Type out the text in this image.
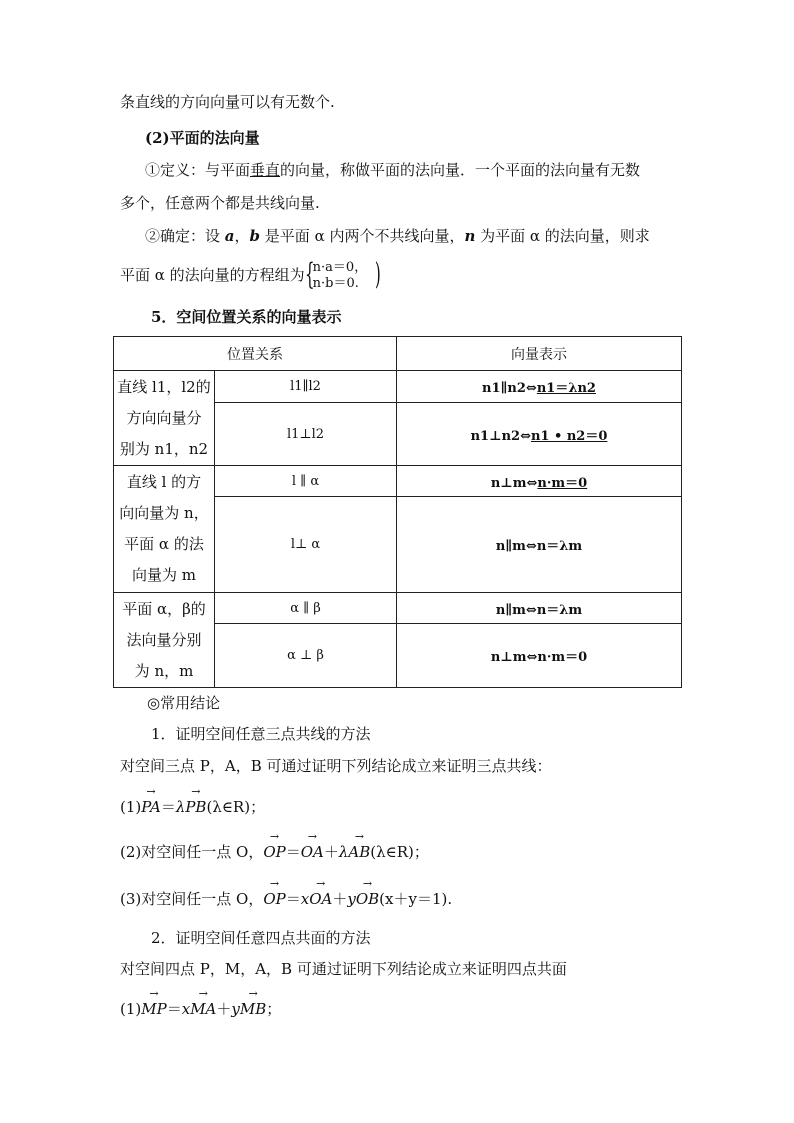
条直线的方向向量可以有无数个.
(2)平面的法向量
①定义：与平面垂直的向量，称做平面的法向量．一个平面的法向量有无数
多个，任意两个都是共线向量.
②确定：设 a，b 是平面 α 内两个不共线向量，n 为平面 α 的法向量，则求
平面 α 的法向量的方程组为 {
n·a＝0，
n·b＝0. )
5．空间位置关系的向量表示
位置关系		向量表示

直线 l1，l2的
方向向量分
别为 n1，n2	l1∥l2	n1∥n2⇔n1＝λn2
	l1⊥l2	n1⊥n2⇔n1 • n2＝0

直线 l 的方
向向量为 n，
平面 α 的法
向量为 m	l ∥ α	n⊥m⇔n·m＝0
	l⊥ α	n∥m⇔n＝λm

平面 α，β的
法向量分别
为 n，m	α ∥ β	n∥m⇔n＝λm
	α ⊥ β	n⊥m⇔n·m＝0
◎常用结论
1．证明空间任意三点共线的方法
对空间三点 P，A，B 可通过证明下列结论成立来证明三点共线：
(1)→ PA＝λ→ PB(λ∈R)；
(2)对空间任一点 O，→ OP＝→ OA＋λ→ AB(λ∈R)；
(3)对空间任一点 O，→ OP＝x→ OA＋y→ OB(x＋y＝1).
2．证明空间任意四点共面的方法
对空间四点 P，M，A，B 可通过证明下列结论成立来证明四点共面
(1)→ MP＝x→ MA＋y→ MB；
